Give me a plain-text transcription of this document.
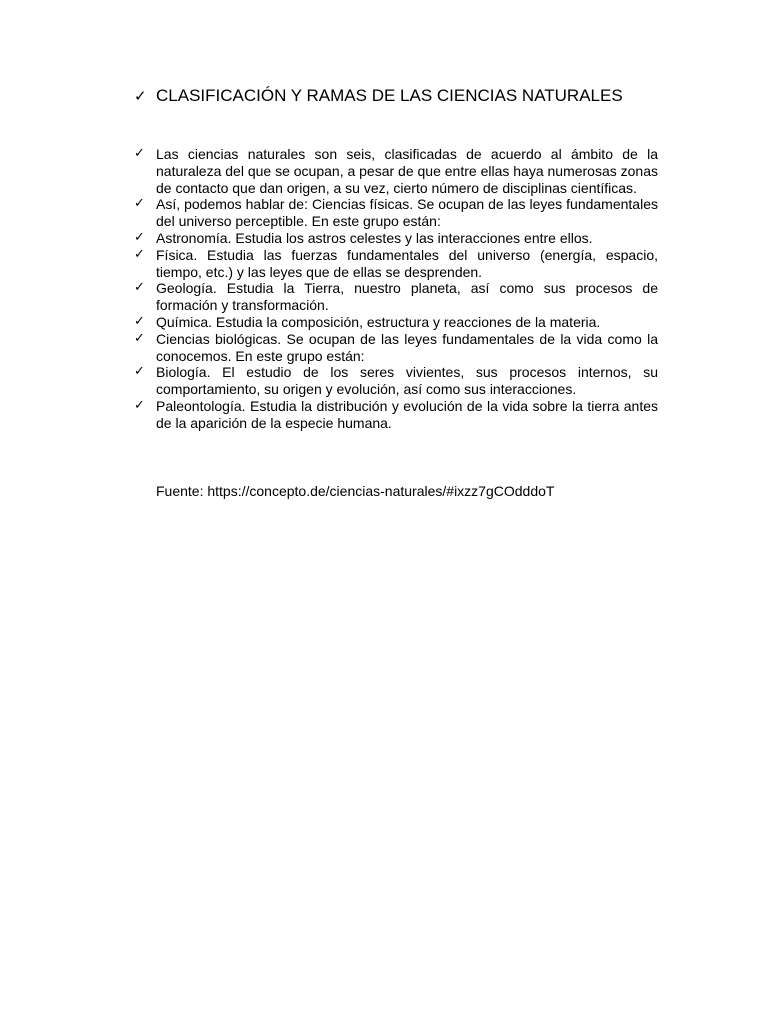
✓ CLASIFICACIÓN Y RAMAS DE LAS CIENCIAS NATURALES
✓ Las ciencias naturales son seis, clasificadas de acuerdo al ámbito de la naturaleza del que se ocupan, a pesar de que entre ellas haya numerosas zonas de contacto que dan origen, a su vez, cierto número de disciplinas científicas.
✓ Así, podemos hablar de: Ciencias físicas. Se ocupan de las leyes fundamentales del universo perceptible. En este grupo están:
✓ Astronomía. Estudia los astros celestes y las interacciones entre ellos.
✓ Física. Estudia las fuerzas fundamentales del universo (energía, espacio, tiempo, etc.) y las leyes que de ellas se desprenden.
✓ Geología. Estudia la Tierra, nuestro planeta, así como sus procesos de formación y transformación.
✓ Química. Estudia la composición, estructura y reacciones de la materia.
✓ Ciencias biológicas. Se ocupan de las leyes fundamentales de la vida como la conocemos. En este grupo están:
✓ Biología. El estudio de los seres vivientes, sus procesos internos, su comportamiento, su origen y evolución, así como sus interacciones.
✓ Paleontología. Estudia la distribución y evolución de la vida sobre la tierra antes de la aparición de la especie humana.
Fuente: https://concepto.de/ciencias-naturales/#ixzz7gCOdddoT
